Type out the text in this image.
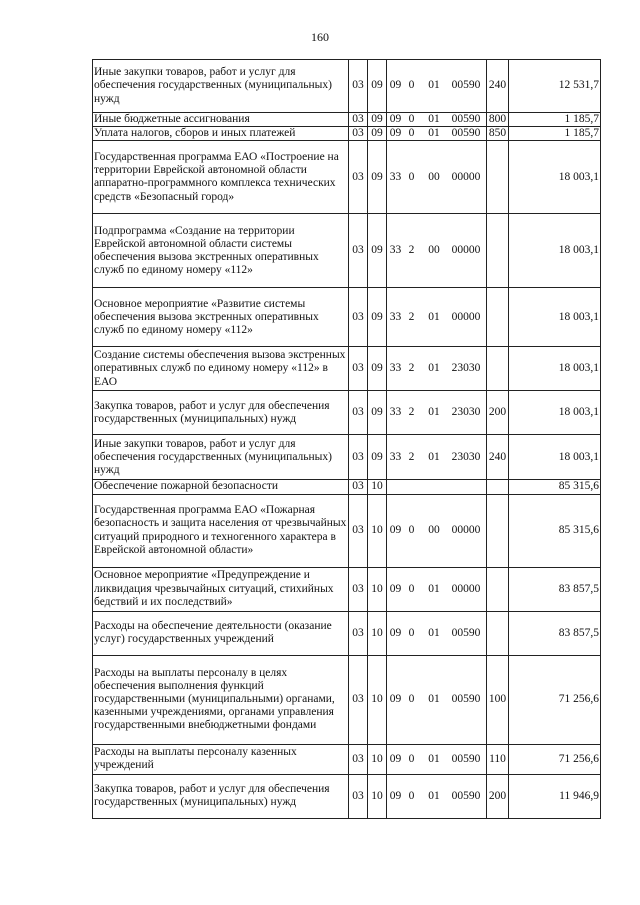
160
Иные закупки товаров, работ и услуг для обеспечения государственных (муниципальных) нужд	03	09	09 0 01 00590	240	12 531,7
Иные бюджетные ассигнования	03	09	09 0 01 00590	800	1 185,7
Уплата налогов, сборов и иных платежей	03	09	09 0 01 00590	850	1 185,7
Государственная программа ЕАО «Построение на территории Еврейской автономной области аппаратно-программного комплекса технических средств «Безопасный город»	03	09	33 0 00 00000		18 003,1
Подпрограмма «Создание на территории Еврейской автономной области системы обеспечения вызова экстренных оперативных служб по единому номеру «112»	03	09	33 2 00 00000		18 003,1
Основное мероприятие «Развитие системы обеспечения вызова экстренных оперативных служб по единому номеру «112»	03	09	33 2 01 00000		18 003,1
Создание системы обеспечения вызова экстренных оперативных служб по единому номеру «112» в ЕАО	03	09	33 2 01 23030		18 003,1
Закупка товаров, работ и услуг для обеспечения государственных (муниципальных) нужд	03	09	33 2 01 23030	200	18 003,1
Иные закупки товаров, работ и услуг для обеспечения государственных (муниципальных) нужд	03	09	33 2 01 23030	240	18 003,1
Обеспечение пожарной безопасности	03	10			85 315,6
Государственная программа ЕАО «Пожарная безопасность и защита населения от чрезвычайных ситуаций природного и техногенного характера в Еврейской автономной области»	03	10	09 0 00 00000		85 315,6
Основное мероприятие «Предупреждение и ликвидация чрезвычайных ситуаций, стихийных бедствий и их последствий»	03	10	09 0 01 00000		83 857,5
Расходы на обеспечение деятельности (оказание услуг) государственных учреждений	03	10	09 0 01 00590		83 857,5
Расходы на выплаты персоналу в целях обеспечения выполнения функций государственными (муниципальными) органами, казенными учреждениями, органами управления государственными внебюджетными фондами	03	10	09 0 01 00590	100	71 256,6
Расходы на выплаты персоналу казенных учреждений	03	10	09 0 01 00590	110	71 256,6
Закупка товаров, работ и услуг для обеспечения государственных (муниципальных) нужд	03	10	09 0 01 00590	200	11 946,9
